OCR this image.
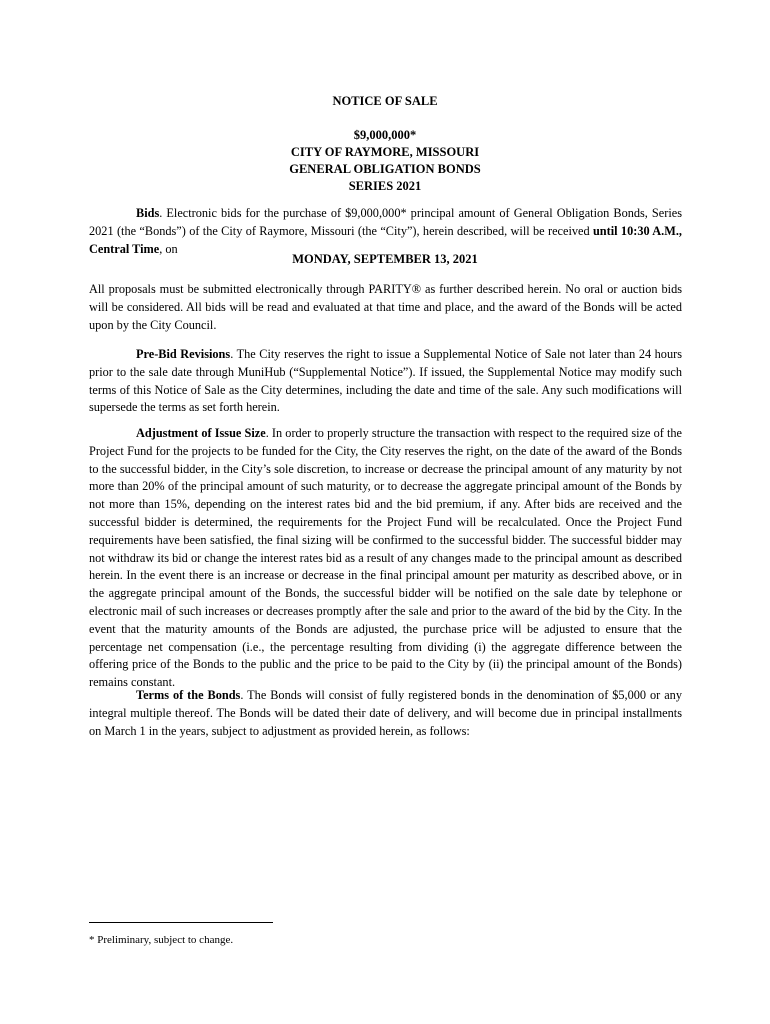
NOTICE OF SALE
$9,000,000*
CITY OF RAYMORE, MISSOURI
GENERAL OBLIGATION BONDS
SERIES 2021

Bids. Electronic bids for the purchase of $9,000,000* principal amount of General Obligation Bonds, Series 2021 (the “Bonds”) of the City of Raymore, Missouri (the “City”), herein described, will be received until 10:30 A.M., Central Time, on

MONDAY, SEPTEMBER 13, 2021

All proposals must be submitted electronically through PARITY® as further described herein. No oral or auction bids will be considered. All bids will be read and evaluated at that time and place, and the award of the Bonds will be acted upon by the City Council.

Pre-Bid Revisions. The City reserves the right to issue a Supplemental Notice of Sale not later than 24 hours prior to the sale date through MuniHub (“Supplemental Notice”). If issued, the Supplemental Notice may modify such terms of this Notice of Sale as the City determines, including the date and time of the sale. Any such modifications will supersede the terms as set forth herein.

Adjustment of Issue Size. In order to properly structure the transaction with respect to the required size of the Project Fund for the projects to be funded for the City, the City reserves the right, on the date of the award of the Bonds to the successful bidder, in the City’s sole discretion, to increase or decrease the principal amount of any maturity by not more than 20% of the principal amount of such maturity, or to decrease the aggregate principal amount of the Bonds by not more than 15%, depending on the interest rates bid and the bid premium, if any. After bids are received and the successful bidder is determined, the requirements for the Project Fund will be recalculated. Once the Project Fund requirements have been satisfied, the final sizing will be confirmed to the successful bidder. The successful bidder may not withdraw its bid or change the interest rates bid as a result of any changes made to the principal amount as described herein. In the event there is an increase or decrease in the final principal amount per maturity as described above, or in the aggregate principal amount of the Bonds, the successful bidder will be notified on the sale date by telephone or electronic mail of such increases or decreases promptly after the sale and prior to the award of the bid by the City. In the event that the maturity amounts of the Bonds are adjusted, the purchase price will be adjusted to ensure that the percentage net compensation (i.e., the percentage resulting from dividing (i) the aggregate difference between the offering price of the Bonds to the public and the price to be paid to the City by (ii) the principal amount of the Bonds) remains constant.

Terms of the Bonds. The Bonds will consist of fully registered bonds in the denomination of $5,000 or any integral multiple thereof. The Bonds will be dated their date of delivery, and will become due in principal installments on March 1 in the years, subject to adjustment as provided herein, as follows:

* Preliminary, subject to change.
